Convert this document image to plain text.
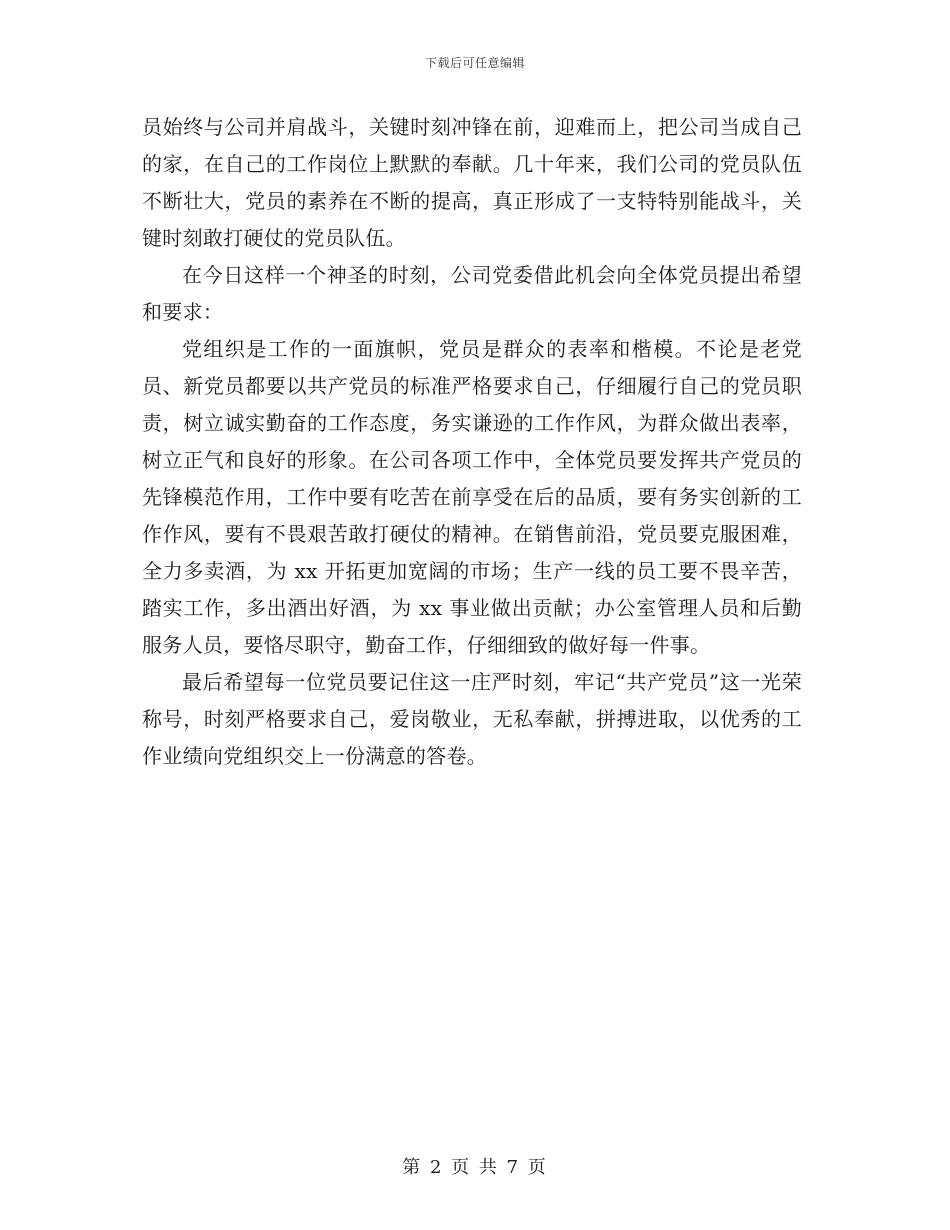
下载后可任意编辑

员始终与公司并肩战斗，关键时刻冲锋在前，迎难而上，把公司当成自己的家，在自己的工作岗位上默默的奉献。几十年来，我们公司的党员队伍不断壮大，党员的素养在不断的提高，真正形成了一支特特别能战斗，关键时刻敢打硬仗的党员队伍。

在今日这样一个神圣的时刻，公司党委借此机会向全体党员提出希望和要求：

党组织是工作的一面旗帜，党员是群众的表率和楷模。不论是老党员、新党员都要以共产党员的标准严格要求自己，仔细履行自己的党员职责，树立诚实勤奋的工作态度，务实谦逊的工作作风，为群众做出表率，树立正气和良好的形象。在公司各项工作中，全体党员要发挥共产党员的先锋模范作用，工作中要有吃苦在前享受在后的品质，要有务实创新的工作作风，要有不畏艰苦敢打硬仗的精神。在销售前沿，党员要克服困难，全力多卖酒，为 xx 开拓更加宽阔的市场；生产一线的员工要不畏辛苦，踏实工作，多出酒出好酒，为 xx 事业做出贡献；办公室管理人员和后勤服务人员，要恪尽职守，勤奋工作，仔细细致的做好每一件事。

最后希望每一位党员要记住这一庄严时刻，牢记“共产党员”这一光荣称号，时刻严格要求自己，爱岗敬业，无私奉献，拼搏进取，以优秀的工作业绩向党组织交上一份满意的答卷。

第 2 页 共 7 页
